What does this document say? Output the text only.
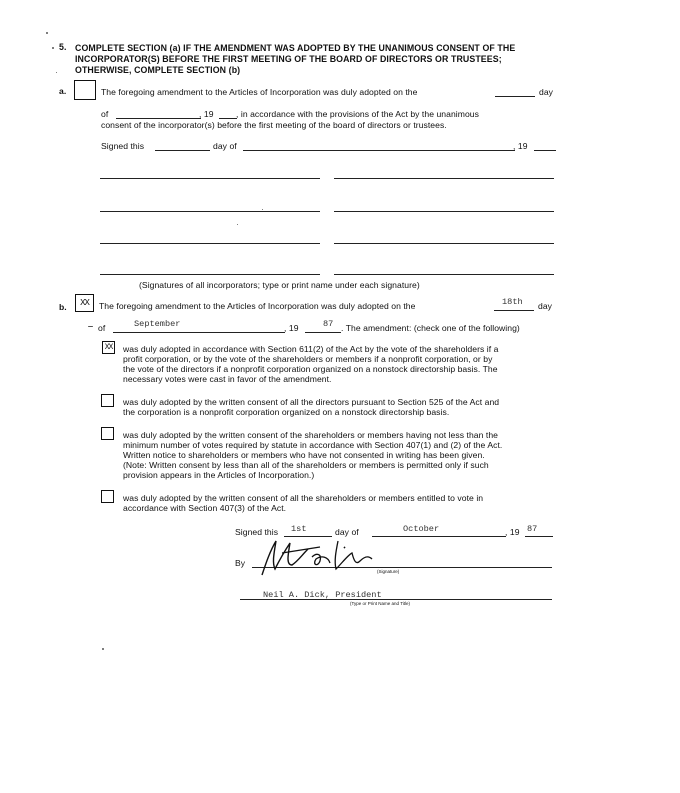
5. COMPLETE SECTION (a) IF THE AMENDMENT WAS ADOPTED BY THE UNANIMOUS CONSENT OF THE
INCORPORATOR(S) BEFORE THE FIRST MEETING OF THE BOARD OF DIRECTORS OR TRUSTEES;
OTHERWISE, COMPLETE SECTION (b)
a.	The foregoing amendment to the Articles of Incorporation was duly adopted on the	day
of	, 19	, in accordance with the provisions of the Act by the unanimous
consent of the incorporator(s) before the first meeting of the board of directors or trustees.
Signed this	day of	, 19
(Signatures of all incorporators; type or print name under each signature)
b.	XX	The foregoing amendment to the Articles of Incorporation was duly adopted on the	18th day
of	September	, 19	87 . The amendment: (check one of the following)
XX was duly adopted in accordance with Section 611(2) of the Act by the vote of the shareholders if a
profit corporation, or by the vote of the shareholders or members if a nonprofit corporation, or by
the vote of the directors if a nonprofit corporation organized on a nonstock directorship basis. The
necessary votes were cast in favor of the amendment.
was duly adopted by the written consent of all the directors pursuant to Section 525 of the Act and
the corporation is a nonprofit corporation organized on a nonstock directorship basis.
was duly adopted by the written consent of the shareholders or members having not less than the
minimum number of votes required by statute in accordance with Section 407(1) and (2) of the Act.
Written notice to shareholders or members who have not consented in writing has been given.
(Note: Written consent by less than all of the shareholders or members is permitted only if such
provision appears in the Articles of Incorporation.)
was duly adopted by the written consent of all the shareholders or members entitled to vote in
accordance with Section 407(3) of the Act.
Signed this 1st	day of	October	, 19 87
By
(Signature)
Neil A. Dick, President
(Type or Print Name and Title)
